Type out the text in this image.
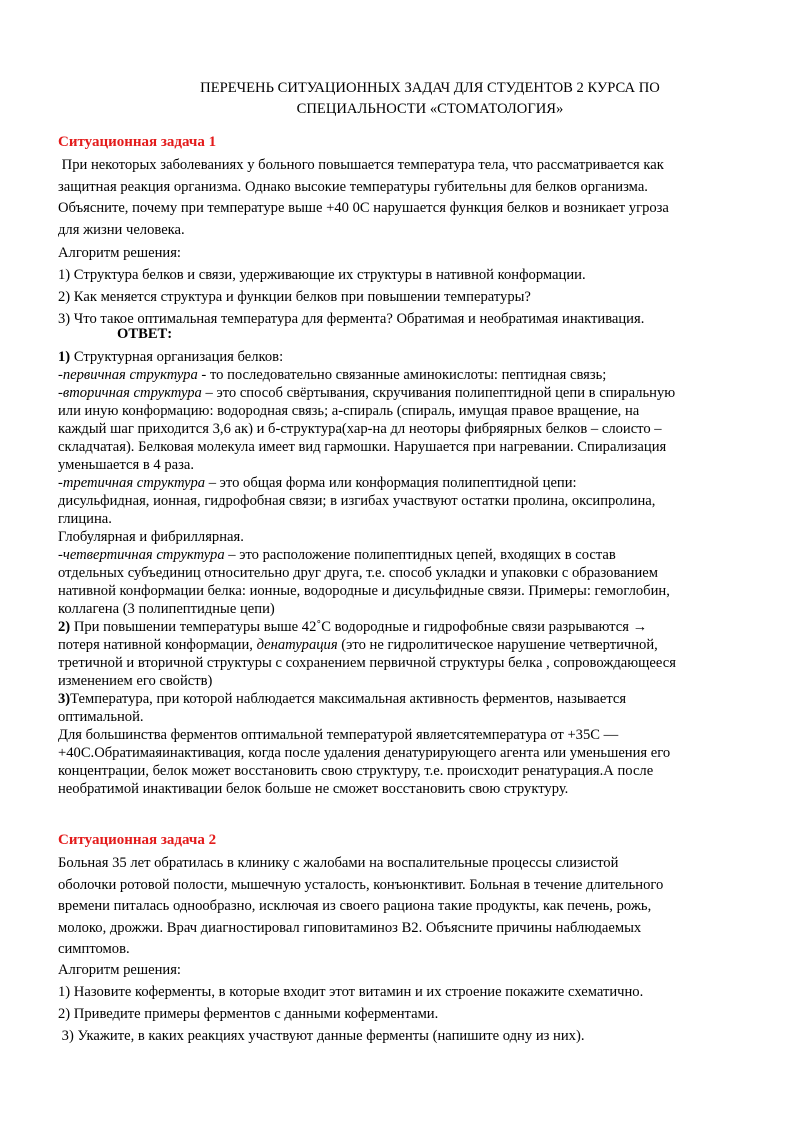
ПЕРЕЧЕНЬ СИТУАЦИОННЫХ ЗАДАЧ ДЛЯ СТУДЕНТОВ 2 КУРСА ПО
СПЕЦИАЛЬНОСТИ «СТОМАТОЛОГИЯ»
Ситуационная задача 1

При некоторых заболеваниях у больного повышается температура тела, что рассматривается как

защитная реакция организма. Однако высокие температуры губительны для белков организма.

Объясните, почему при температуре выше +40 0С нарушается функция белков и возникает угроза

для жизни человека.

Алгоритм решения:

1) Структура белков и связи, удерживающие их структуры в нативной конформации.

2) Как меняется структура и функции белков при повышении температуры?

3) Что такое оптимальная температура для фермента? Обратимая и необратимая инактивация.

ОТВЕТ:

1) Структурная организация белков:

-первичная структура - то последовательно связанные аминокислоты: пептидная связь;

-вторичная структура – это способ свёртывания, скручивания полипептидной цепи в спиральную

или иную конформацию: водородная связь; а-спираль (спираль, имущая правое вращение, на

каждый шаг приходится 3,6 ак) и б-структура(хар-на дл неоторы фибряярных белков – слоисто –

складчатая). Белковая молекула имеет вид гармошки. Нарушается при нагревании. Спирализация

уменьшается в 4 раза.

-третичная структура – это общая форма или конформация полипептидной цепи:

дисульфидная, ионная, гидрофобная связи; в изгибах участвуют остатки пролина, оксипролина,

глицина.

Глобулярная и фибриллярная.

-четвертичная структура – это расположение полипептидных цепей, входящих в состав

отдельных субъединиц относительно друг друга, т.е. способ укладки и упаковки с образованием

нативной конформации белка: ионные, водородные и дисульфидные связи. Примеры: гемоглобин,

коллагена (3 полипептидные цепи)

2) При повышении температуры выше 42˚С водородные и гидрофобные связи разрываются →

потеря нативной конформации, денатурация (это не гидролитическое нарушение четвертичной,

третичной и вторичной структуры с сохранением первичной структуры белка , сопровождающееся

изменением его свойств)

3)Температура, при которой наблюдается максимальная активность ферментов, называется

оптимальной.

Для большинства ферментов оптимальной температурой являетсятемпература от +35С —

+40С.Обратимаяинактивация, когда после удаления денатурирующего агента или уменьшения его

концентрации, белок может восстановить свою структуру, т.е. происходит ренатурация.А после

необратимой инактивации белок больше не сможет восстановить свою структуру.

Ситуационная задача 2

Больная 35 лет обратилась в клинику с жалобами на воспалительные процессы слизистой

оболочки ротовой полости, мышечную усталость, конъюнктивит. Больная в течение длительного

времени питалась однообразно, исключая из своего рациона такие продукты, как печень, рожь,

молоко, дрожжи. Врач диагностировал гиповитаминоз В2. Объясните причины наблюдаемых

симптомов.

Алгоритм решения:

1) Назовите коферменты, в которые входит этот витамин и их строение покажите схематично.

2) Приведите примеры ферментов с данными коферментами.

3) Укажите, в каких реакциях участвуют данные ферменты (напишите одну из них).
